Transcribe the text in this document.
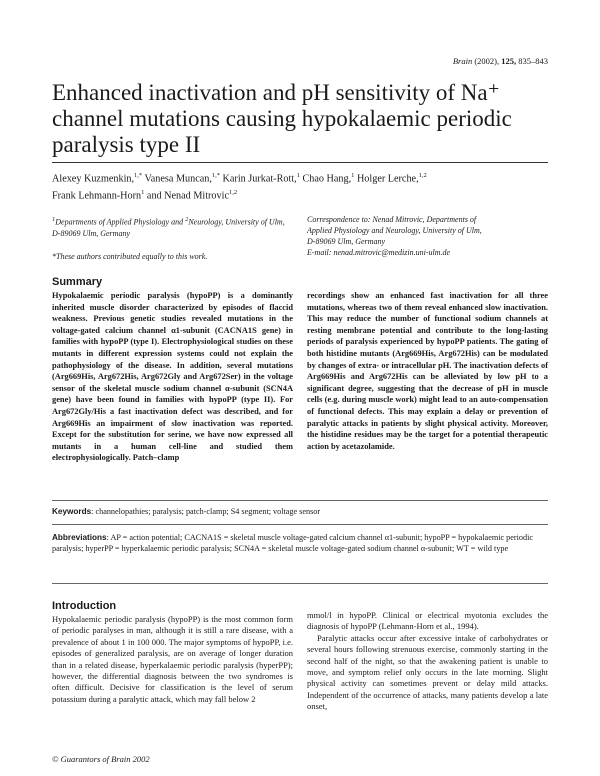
Brain (2002), 125, 835–843
Enhanced inactivation and pH sensitivity of Na⁺ channel mutations causing hypokalaemic periodic paralysis type II
Alexey Kuzmenkin,$^{1,*}$ Vanesa Muncan,$^{1,*}$ Karin Jurkat-Rott,$^1$ Chao Hang,$^1$ Holger Lerche,$^{1,2}$
Frank Lehmann-Horn$^1$ and Nenad Mitrovic$^{1,2}$
$^1$Departments of Applied Physiology and $^2$Neurology, University of Ulm, D-89069 Ulm, Germany
*These authors contributed equally to this work.
Correspondence to: Nenad Mitrovic, Departments of
Applied Physiology and Neurology, University of Ulm,
D-89069 Ulm, Germany
E-mail: nenad.mitrovic@medizin.uni-ulm.de
Summary

Hypokalaemic periodic paralysis (hypoPP) is a dominantly inherited muscle disorder characterized by episodes of flaccid weakness. Previous genetic studies revealed mutations in the voltage-gated calcium channel α1-subunit (CACNA1S gene) in families with hypoPP (type I). Electrophysiological studies on these mutants in different expression systems could not explain the pathophysiology of the disease. In addition, several mutations (Arg669His, Arg672His, Arg672Gly and Arg672Ser) in the voltage sensor of the skeletal muscle sodium channel α-subunit (SCN4A gene) have been found in families with hypoPP (type II). For Arg672Gly/His a fast inactivation defect was described, and for Arg669His an impairment of slow inactivation was reported. Except for the substitution for serine, we have now expressed all mutants in a human cell-line and studied them electrophysiologically. Patch–clamp

recordings show an enhanced fast inactivation for all three mutations, whereas two of them reveal enhanced slow inactivation. This may reduce the number of functional sodium channels at resting membrane potential and contribute to the long-lasting periods of paralysis experienced by hypoPP patients. The gating of both histidine mutants (Arg669His, Arg672His) can be modulated by changes of extra- or intracellular pH. The inactivation defects of Arg669His and Arg672His can be alleviated by low pH to a significant degree, suggesting that the decrease of pH in muscle cells (e.g. during muscle work) might lead to an auto-compensation of functional defects. This may explain a delay or prevention of paralytic attacks in patients by slight physical activity. Moreover, the histidine residues may be the target for a potential therapeutic action by acetazolamide.

Keywords: channelopathies; paralysis; patch-clamp; S4 segment; voltage sensor
Abbreviations: AP = action potential; CACNA1S = skeletal muscle voltage-gated calcium channel α1-subunit; hypoPP = hypokalaemic periodic paralysis; hyperPP = hyperkalaemic periodic paralysis; SCN4A = skeletal muscle voltage-gated sodium channel α-subunit; WT = wild type
Introduction

Hypokalaemic periodic paralysis (hypoPP) is the most common form of periodic paralyses in man, although it is still a rare disease, with a prevalence of about 1 in 100 000. The major symptoms of hypoPP, i.e. episodes of generalized paralysis, are on average of longer duration than in a related disease, hyperkalaemic periodic paralysis (hyperPP); however, the differential diagnosis between the two syndromes is often difficult. Decisive for classification is the level of serum potassium during a paralytic attack, which may fall below 2

mmol/l in hypoPP. Clinical or electrical myotonia excludes the diagnosis of hypoPP (Lehmann-Horn et al., 1994).

Paralytic attacks occur after excessive intake of carbohydrates or several hours following strenuous exercise, commonly starting in the second half of the night, so that the awakening patient is unable to move, and symptom relief only occurs in the late morning. Slight physical activity can sometimes prevent or delay mild attacks. Independent of the occurrence of attacks, many patients develop a late onset,

© Guarantors of Brain 2002
